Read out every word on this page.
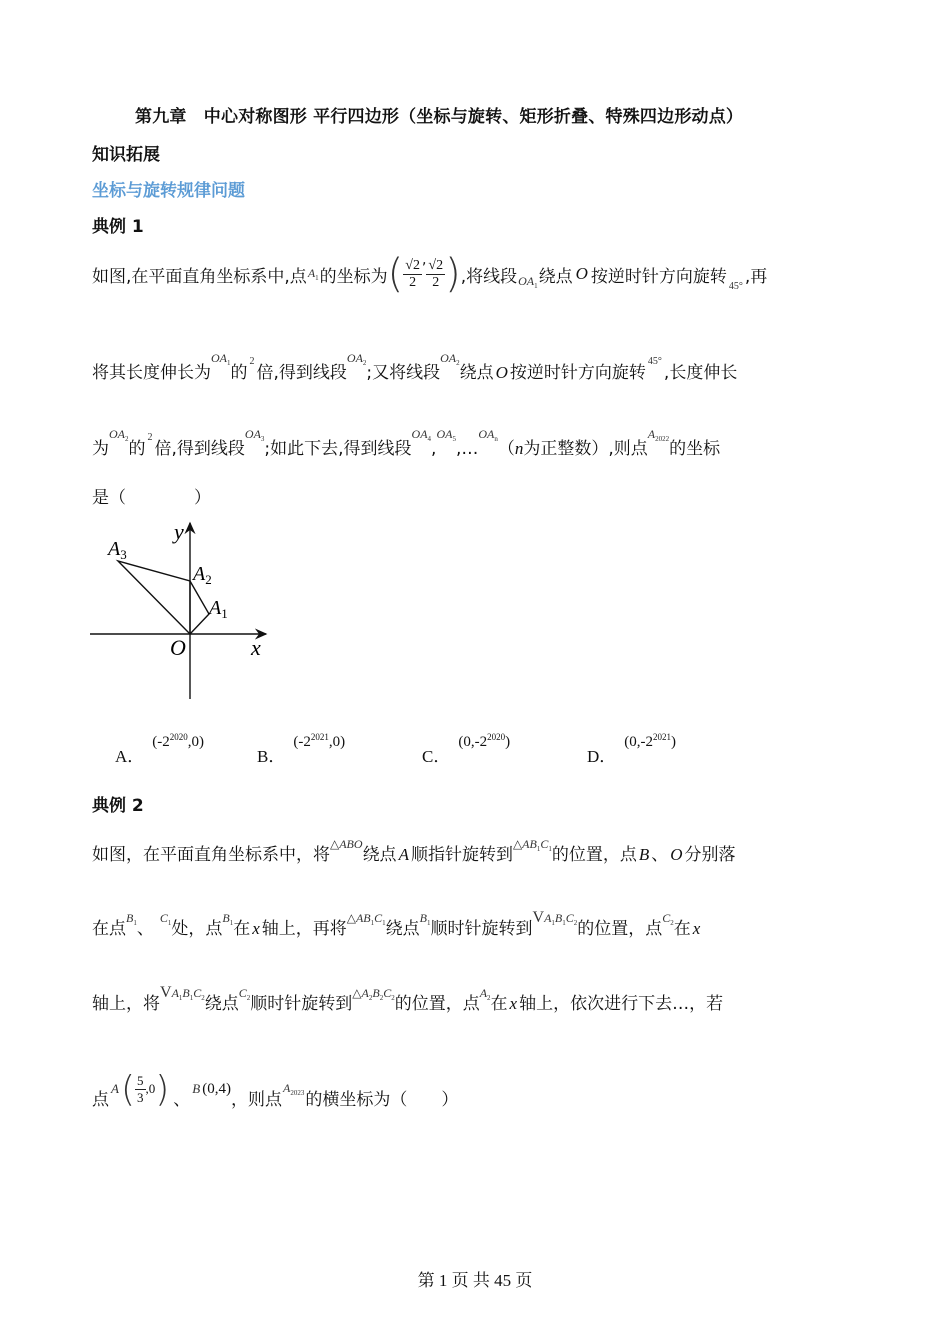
第九章　中心对称图形 平行四边形（坐标与旋转、矩形折叠、特殊四边形动点）
知识拓展
坐标与旋转规律问题
典例 1
如图,在平面直角坐标系中,点 $A_1$ 的坐标为 ( $\frac{√2}{2}$ , $\frac{√2}{2}$ ) ,将线段 $OA_1$ 绕点 O 按逆时针方向旋转 45° ,再
将其长度伸长为$OA_1$的$_2$倍,得到线段$OA_2$;又将线段$OA_2$绕点 O 按逆时针方向旋转$_{45^\circ}$,长度伸长
为$OA_2$的$_2$倍,得到线段$OA_3$;如此下去,得到线段$OA_4,OA_5,\dots OA_n(n$为正整数）,则点$A_{2022}$的坐标
是（　　　　）
y
x
O
$A_3$
$A_2$
$A_1$
A．$(-2^{2020},0)$
B．$(-2^{2021},0)$
C．$(0,-2^{2020})$
D．$(0,-2^{2021})$
典例 2
如图，在平面直角坐标系中，将$_{\triangle ABO}$绕点 A 顺指针旋转到$_{\triangle AB_1C_1}$的位置，点 B 、 O 分别落
在点$_{B_1}$、$_{C_1}$处，点$_{B_1}$在 x 轴上，再将$_{\triangle AB_1C_1}$绕点$_{B_1}$顺时针旋转到$_{VA_1B_1C_2}$的位置，点$_{C_2}$在 x
轴上，将$_{VA_1B_1C_2}$绕点$_{C_2}$顺时针旋转到$_{\triangle A_2B_2C_2}$的位置，点$_{A_2}$在 x 轴上，依次进行下去…，若
点
A ( $\frac{5}{3} ,0$ ) 、
B (0,4)
，则点
$A_{2023}$ 的横坐标为（　　）
第 1 页 共 45 页
